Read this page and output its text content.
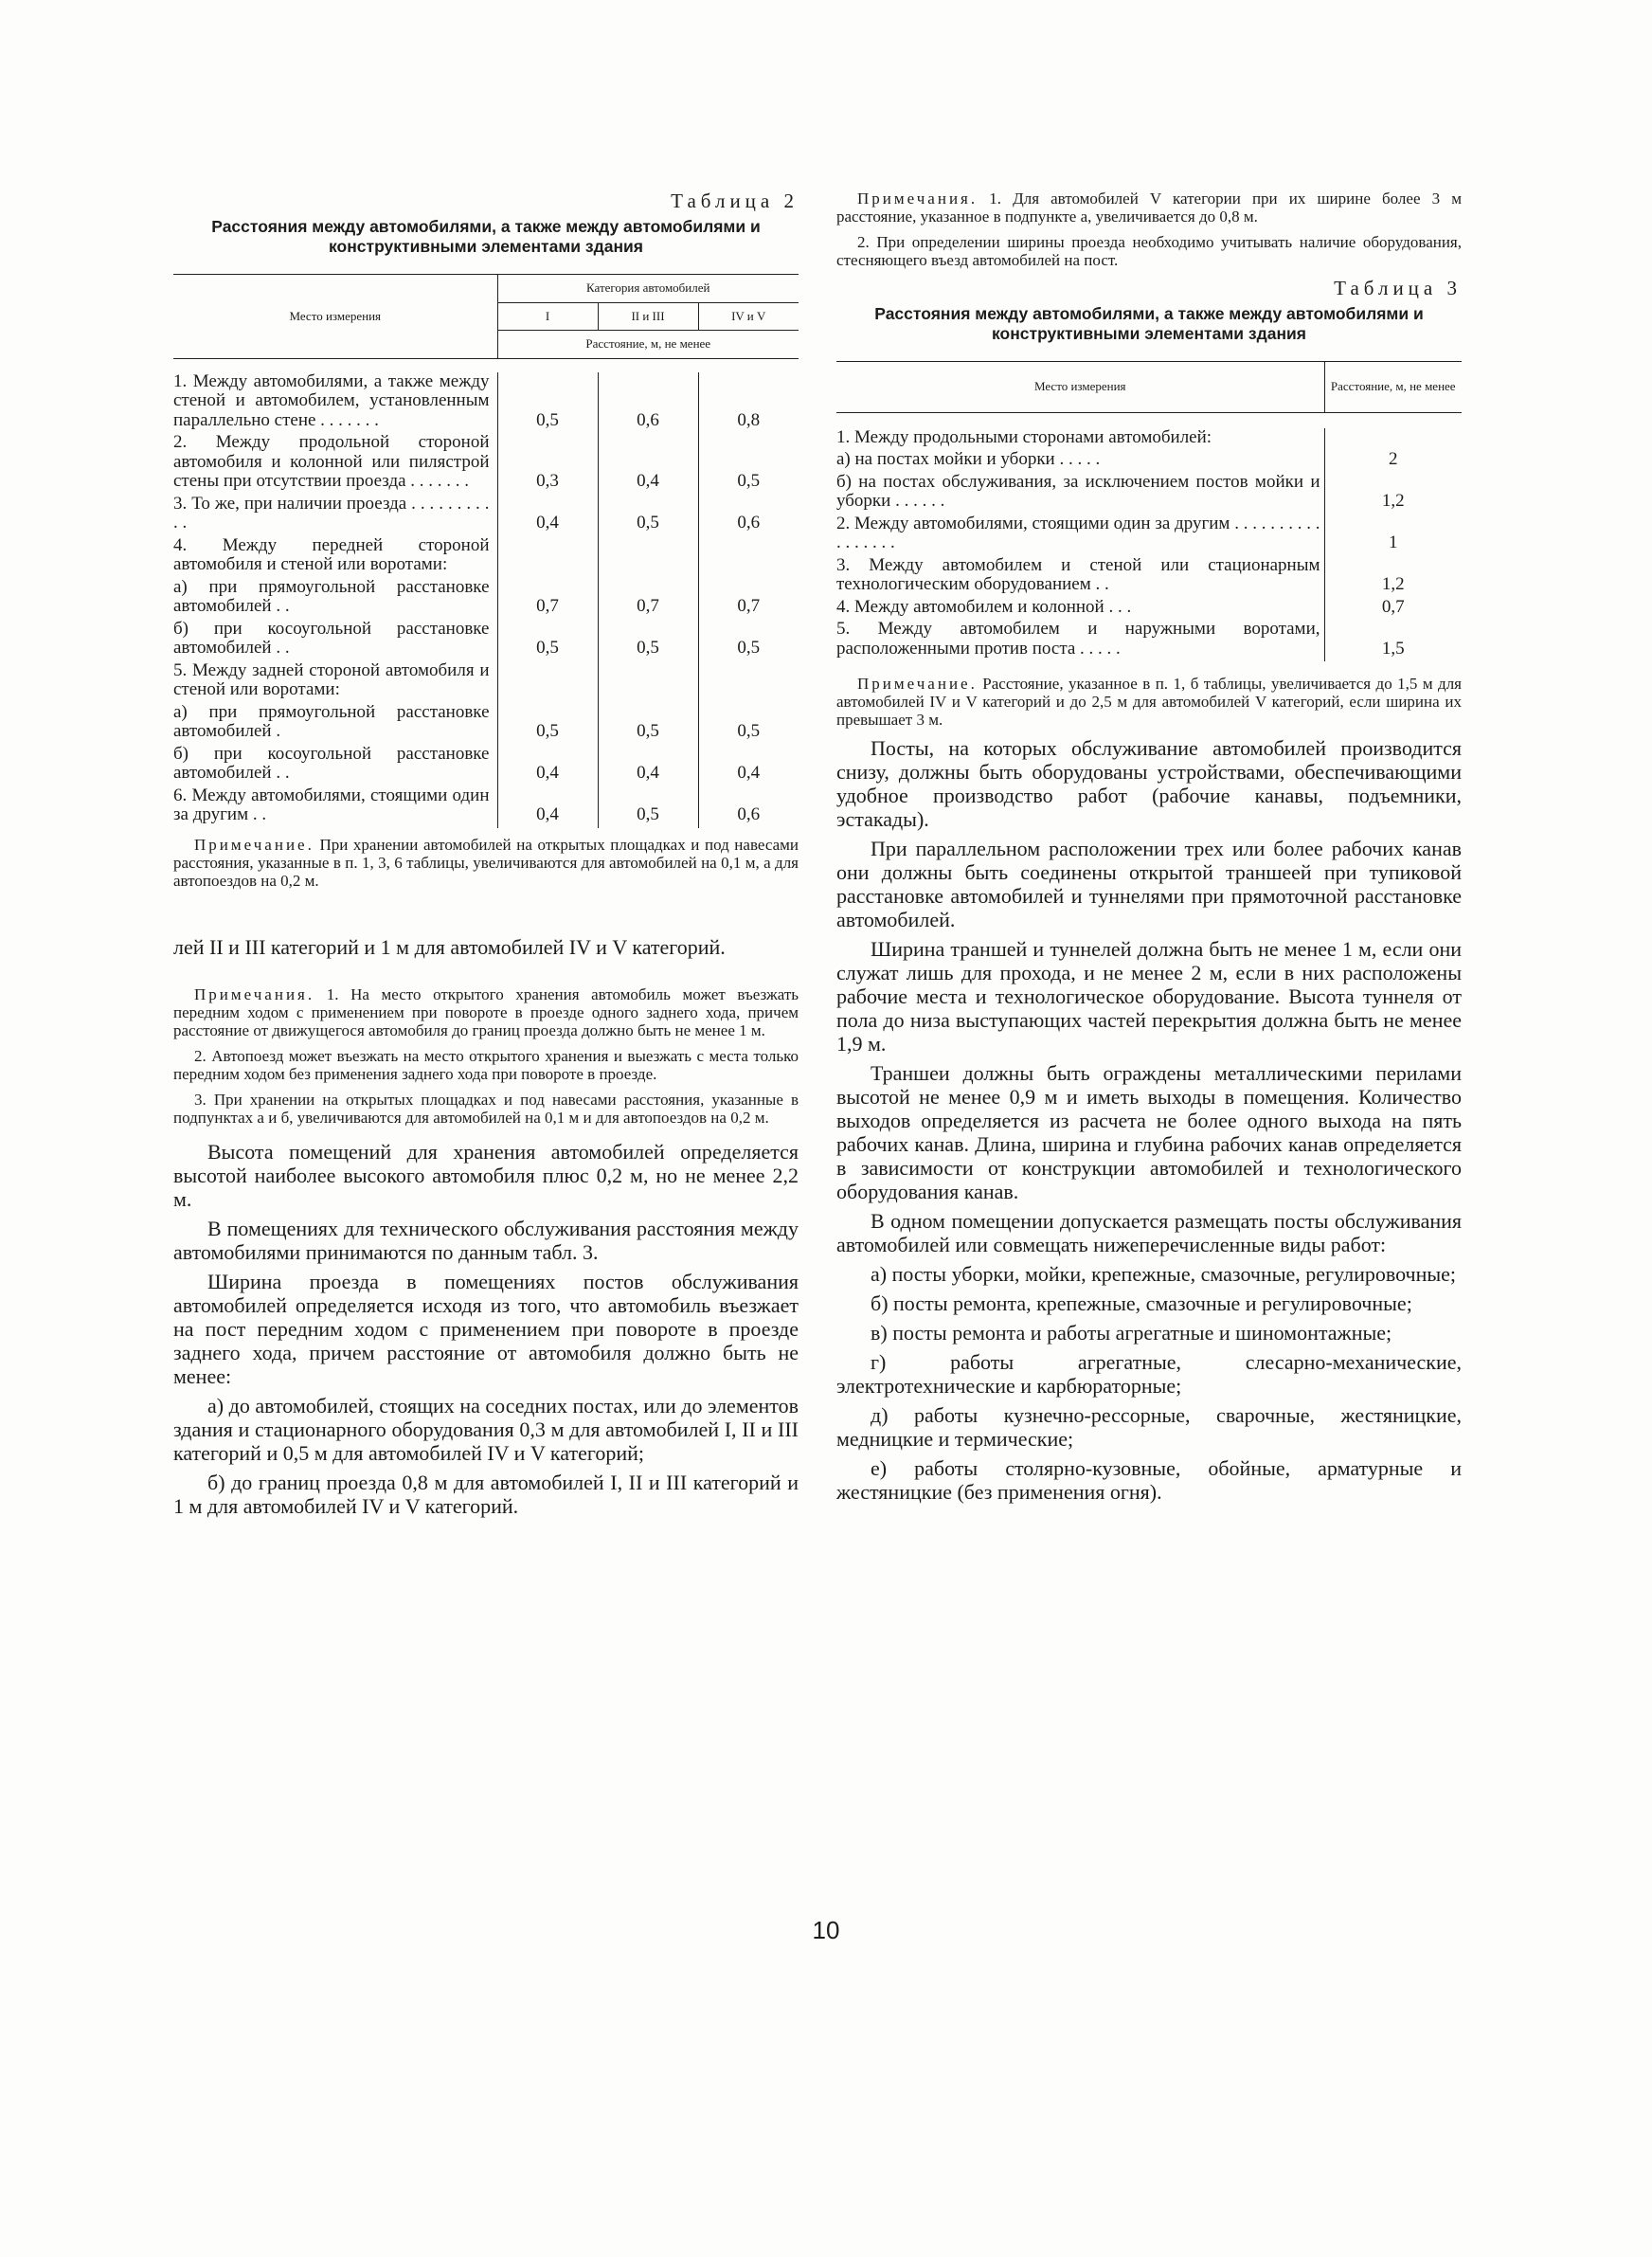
Таблица 2
Расстояния между автомобилями, а также между автомобилями и конструктивными элементами здания
Место измерения	Категория автомобилей		
	I	II и III	IV и V
	Расстояние, м, не менее		

1. Между автомобилями, а также между стеной и автомобилем, установленным параллельно стене . . . . . . .	0,5	0,6	0,8
2. Между продольной стороной автомобиля и колонной или пилястрой стены при отсутствии проезда . . . . . . .	0,3	0,4	0,5
3. То же, при наличии проезда . . . . . . . . . . .	0,4	0,5	0,6
4. Между передней стороной автомобиля и стеной или воротами:			
а) при прямоугольной расстановке автомобилей . .	0,7	0,7	0,7
б) при косоугольной расстановке автомобилей . .	0,5	0,5	0,5
5. Между задней стороной автомобиля и стеной или воротами:			
а) при прямоугольной расстановке автомобилей .	0,5	0,5	0,5
б) при косоугольной расстановке автомобилей . .	0,4	0,4	0,4
6. Между автомобилями, стоящими один за другим . .	0,4	0,5	0,6

Примечание. При хранении автомобилей на открытых площадках и под навесами расстояния, указанные в п. 1, 3, 6 таблицы, увеличиваются для автомобилей на 0,1 м, а для автопоездов на 0,2 м.

лей II и III категорий и 1 м для автомобилей IV и V категорий.

Примечания. 1. На место открытого хранения автомобиль может въезжать передним ходом с применением при повороте в проезде одного заднего хода, причем расстояние от движущегося автомобиля до границ проезда должно быть не менее 1 м.

2. Автопоезд может въезжать на место открытого хранения и выезжать с места только передним ходом без применения заднего хода при повороте в проезде.

3. При хранении на открытых площадках и под навесами расстояния, указанные в подпунктах а и б, увеличиваются для автомобилей на 0,1 м и для автопоездов на 0,2 м.

Высота помещений для хранения автомобилей определяется высотой наиболее высокого автомобиля плюс 0,2 м, но не менее 2,2 м.

В помещениях для технического обслуживания расстояния между автомобилями принимаются по данным табл. 3.

Ширина проезда в помещениях постов обслуживания автомобилей определяется исходя из того, что автомобиль въезжает на пост передним ходом с применением при повороте в проезде заднего хода, причем расстояние от автомобиля должно быть не менее:

а) до автомобилей, стоящих на соседних постах, или до элементов здания и стационарного оборудования 0,3 м для автомобилей I, II и III категорий и 0,5 м для автомобилей IV и V категорий;

б) до границ проезда 0,8 м для автомобилей I, II и III категорий и 1 м для автомобилей IV и V категорий.

Примечания. 1. Для автомобилей V категории при их ширине более 3 м расстояние, указанное в подпункте а, увеличивается до 0,8 м.

2. При определении ширины проезда необходимо учитывать наличие оборудования, стесняющего въезд автомобилей на пост.

Таблица 3
Расстояния между автомобилями, а также между автомобилями и конструктивными элементами здания
Место измерения	Расстояние, м, не менее

1. Между продольными сторонами автомобилей:	
а) на постах мойки и уборки . . . . .	2
б) на постах обслуживания, за исключением постов мойки и уборки . . . . . .	1,2
2. Между автомобилями, стоящими один за другим . . . . . . . . . . . . . . . . .	1
3. Между автомобилем и стеной или стационарным технологическим оборудованием . .	1,2
4. Между автомобилем и колонной . . .	0,7
5. Между автомобилем и наружными воротами, расположенными против поста . . . . .	1,5

Примечание. Расстояние, указанное в п. 1, б таблицы, увеличивается до 1,5 м для автомобилей IV и V категорий и до 2,5 м для автомобилей V категорий, если ширина их превышает 3 м.

Посты, на которых обслуживание автомобилей производится снизу, должны быть оборудованы устройствами, обеспечивающими удобное производство работ (рабочие канавы, подъемники, эстакады).

При параллельном расположении трех или более рабочих канав они должны быть соединены открытой траншеей при тупиковой расстановке автомобилей и туннелями при прямоточной расстановке автомобилей.

Ширина траншей и туннелей должна быть не менее 1 м, если они служат лишь для прохода, и не менее 2 м, если в них расположены рабочие места и технологическое оборудование. Высота туннеля от пола до низа выступающих частей перекрытия должна быть не менее 1,9 м.

Траншеи должны быть ограждены металлическими перилами высотой не менее 0,9 м и иметь выходы в помещения. Количество выходов определяется из расчета не более одного выхода на пять рабочих канав. Длина, ширина и глубина рабочих канав определяется в зависимости от конструкции автомобилей и технологического оборудования канав.

В одном помещении допускается размещать посты обслуживания автомобилей или совмещать нижеперечисленные виды работ:

а) посты уборки, мойки, крепежные, смазочные, регулировочные;

б) посты ремонта, крепежные, смазочные и регулировочные;

в) посты ремонта и работы агрегатные и шиномонтажные;

г) работы агрегатные, слесарно-механические, электротехнические и карбюраторные;

д) работы кузнечно-рессорные, сварочные, жестяницкие, медницкие и термические;

е) работы столярно-кузовные, обойные, арматурные и жестяницкие (без применения огня).

10
